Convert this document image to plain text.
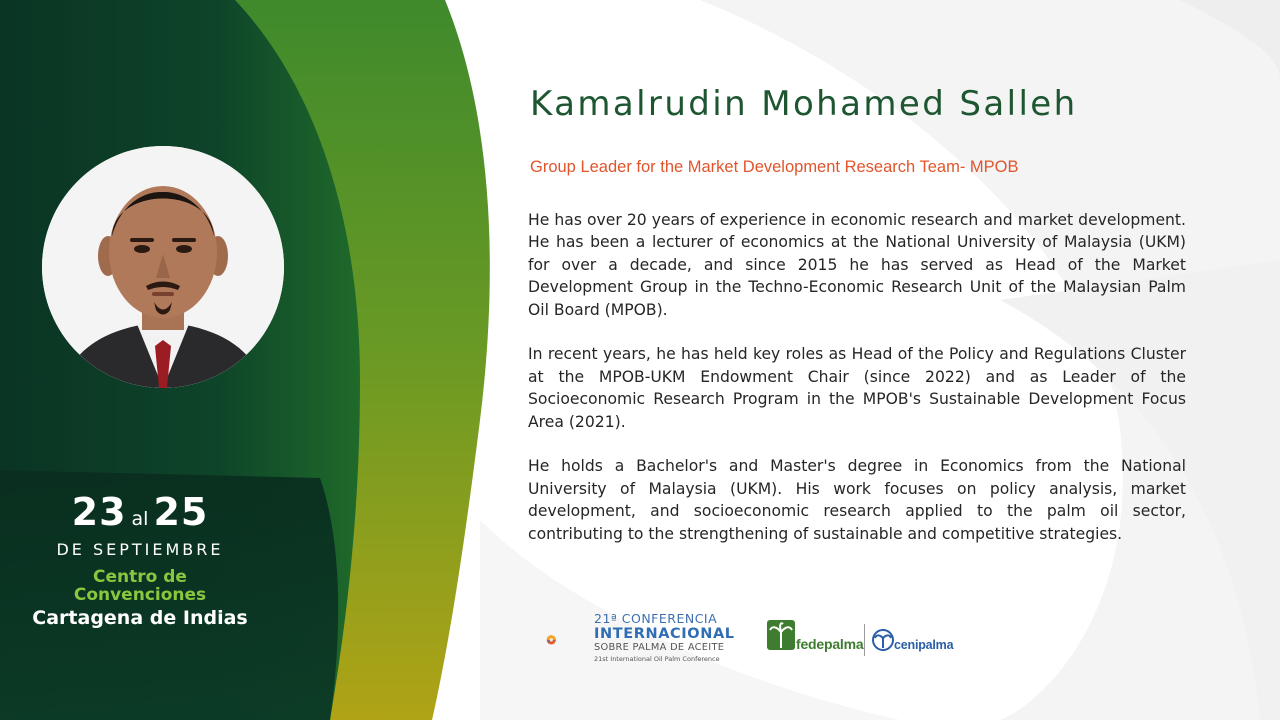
23 al 25
DE SEPTIEMBRE
Centro de
Convenciones
Cartagena de Indias
Kamalrudin Mohamed Salleh
Group Leader for the Market Development Research Team- MPOB

He has over 20 years of experience in economic research and market development. He has been a lecturer of economics at the National University of Malaysia (UKM) for over a decade, and since 2015 he has served as Head of the Market Development Group in the Techno-Economic Research Unit of the Malaysian Palm Oil Board (MPOB).

In recent years, he has held key roles as Head of the Policy and Regulations Cluster at the MPOB-UKM Endowment Chair (since 2022) and as Leader of the Socioeconomic Research Program in the MPOB's Sustainable Development Focus Area (2021).

He holds a Bachelor's and Master's degree in Economics from the National University of Malaysia (UKM). His work focuses on policy analysis, market development, and socioeconomic research applied to the palm oil sector, contributing to the strengthening of sustainable and competitive strategies.

21ª CONFERENCIA
INTERNACIONAL
SOBRE PALMA DE ACEITE
21st International Oil Palm Conference
fedepalma cenipalma
